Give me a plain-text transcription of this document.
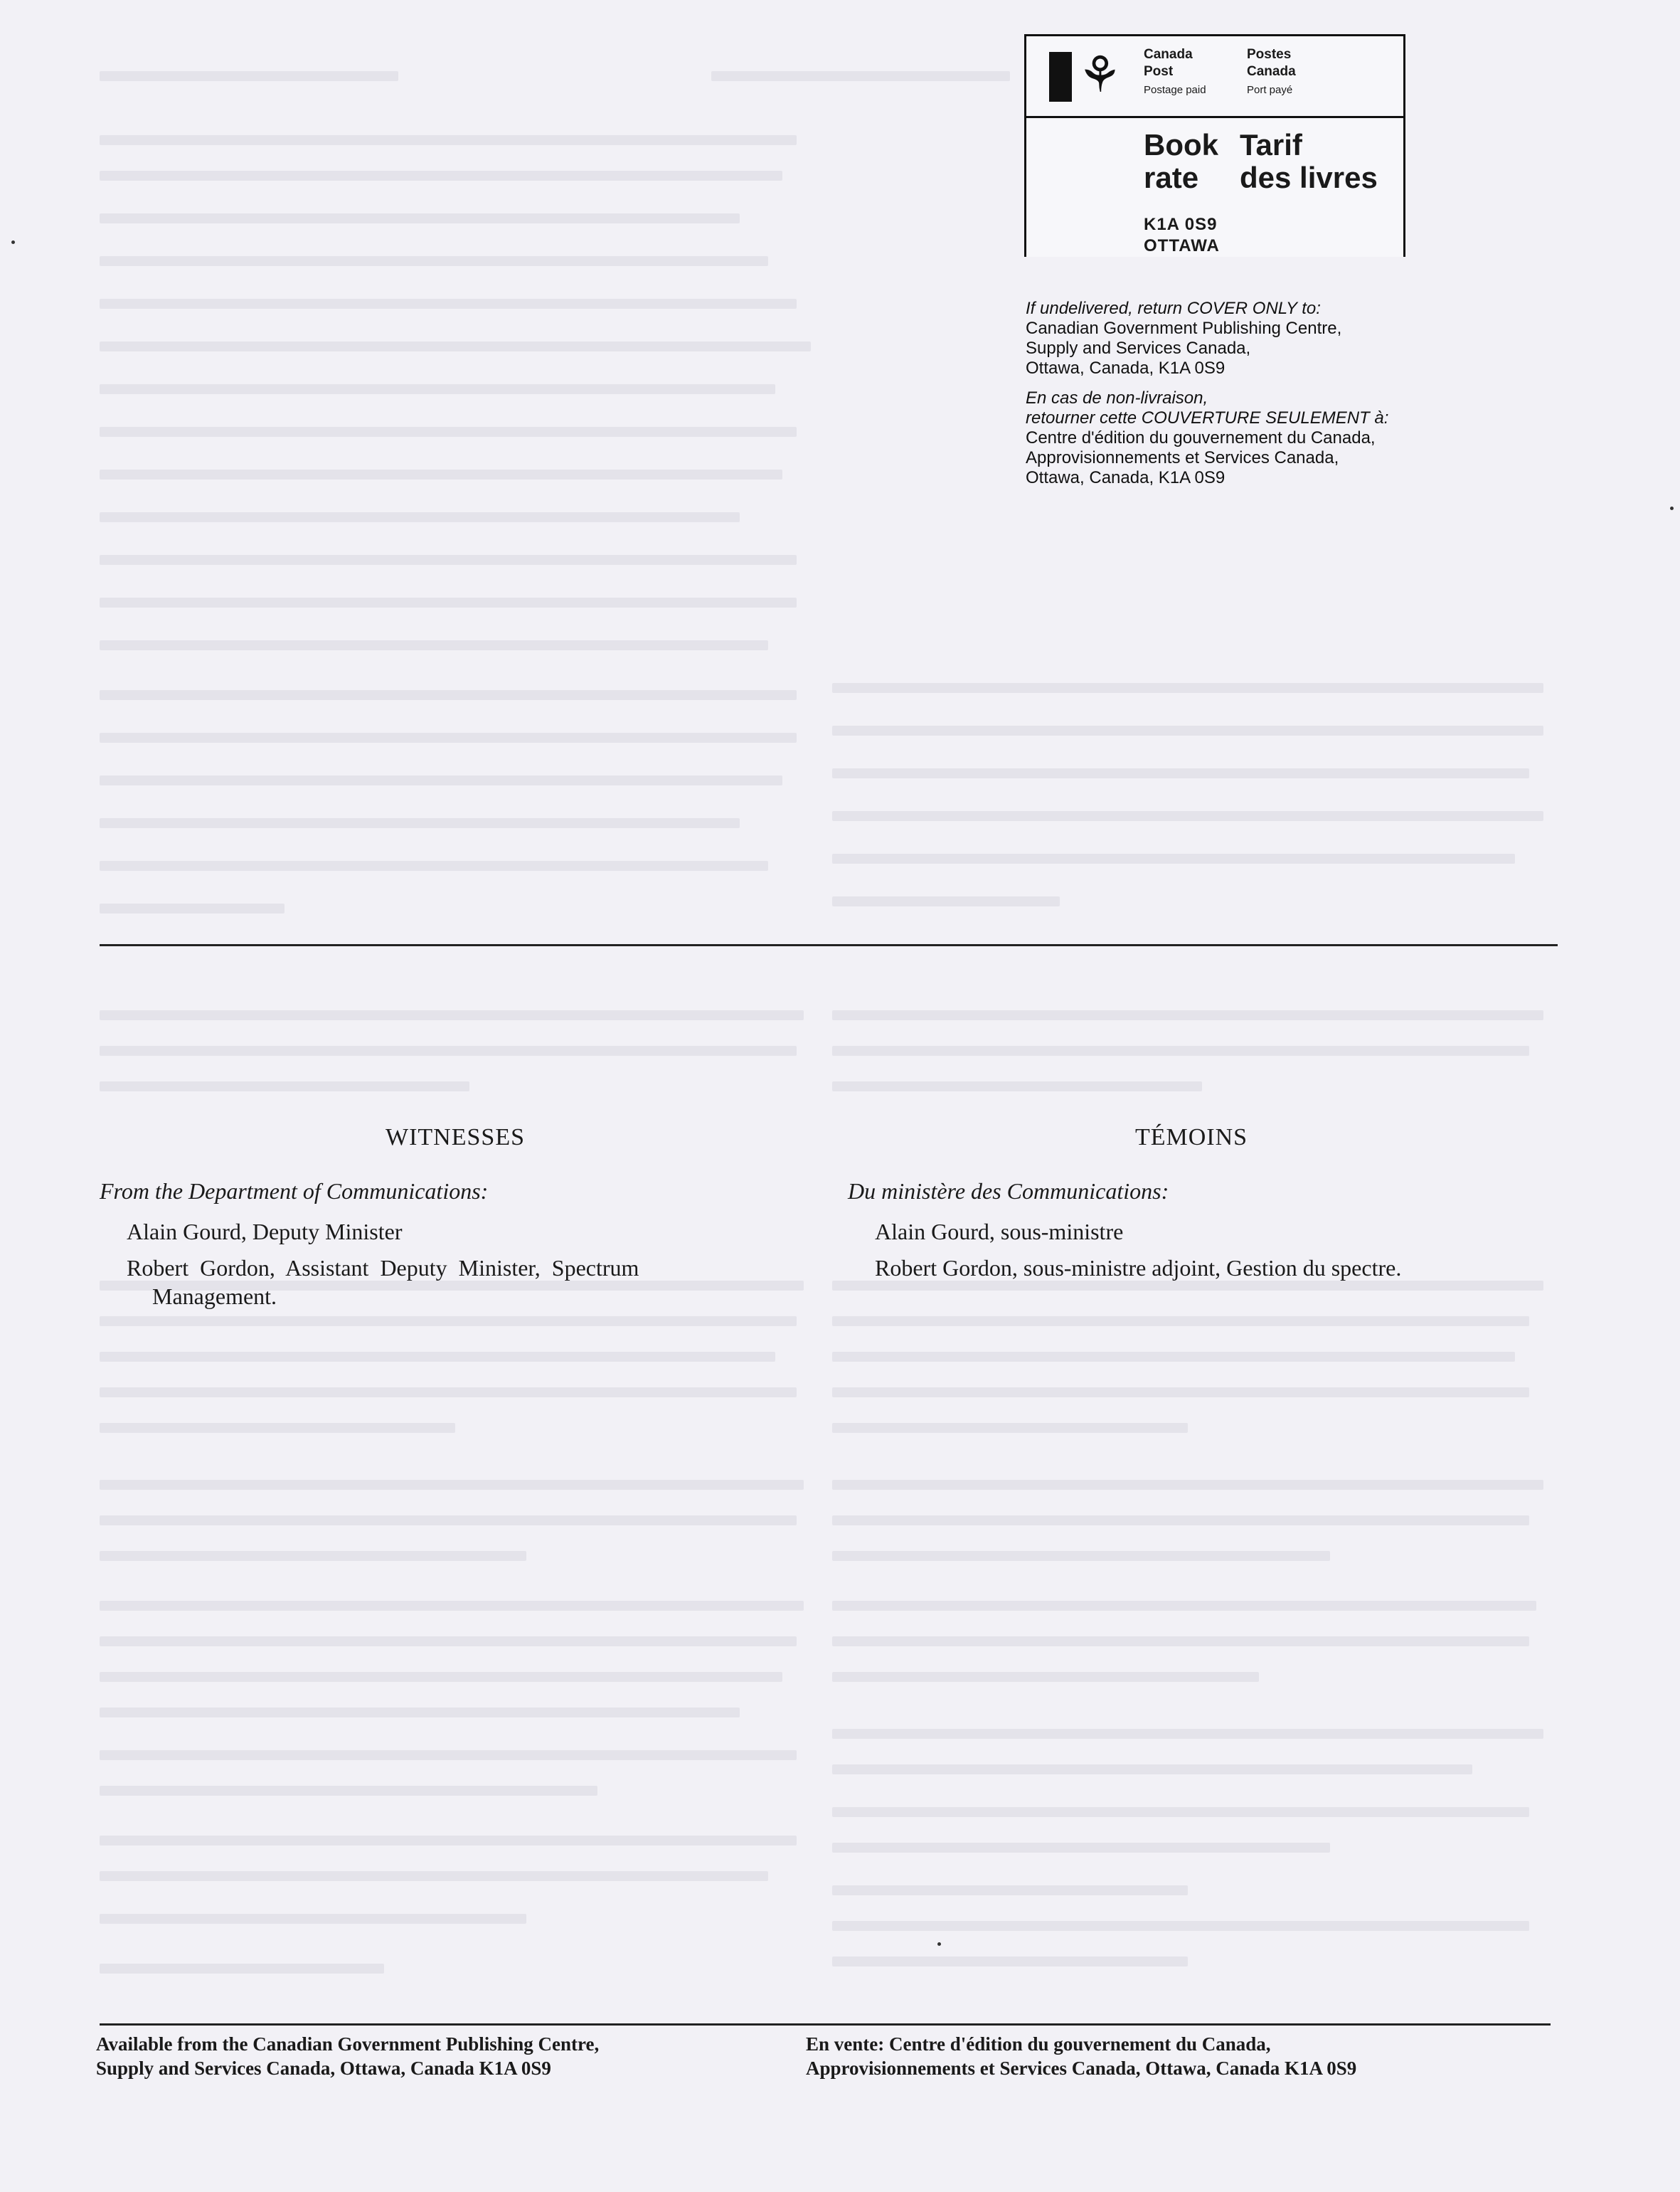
⚘ Canada
Post
Postage paid
Postes
Canada
Port payé
Book
rate
Tarif
des livres
K1A 0S9
OTTAWA

If undelivered, return COVER ONLY to:

Canadian Government Publishing Centre,

Supply and Services Canada,

Ottawa, Canada, K1A 0S9

En cas de non-livraison,

retourner cette COUVERTURE SEULEMENT à:

Centre d'édition du gouvernement du Canada,

Approvisionnements et Services Canada,

Ottawa, Canada, K1A 0S9

WITNESSES
From the Department of Communications:
Alain Gourd, Deputy Minister
Robert  Gordon,  Assistant  Deputy  Minister,  Spectrum
Management.
TÉMOINS
Du ministère des Communications:
Alain Gourd, sous-ministre
Robert Gordon, sous-ministre adjoint, Gestion du spectre.

Available from the Canadian Government Publishing Centre,

Supply and Services Canada, Ottawa, Canada K1A 0S9

En vente: Centre d'édition du gouvernement du Canada,

Approvisionnements et Services Canada, Ottawa, Canada K1A 0S9
